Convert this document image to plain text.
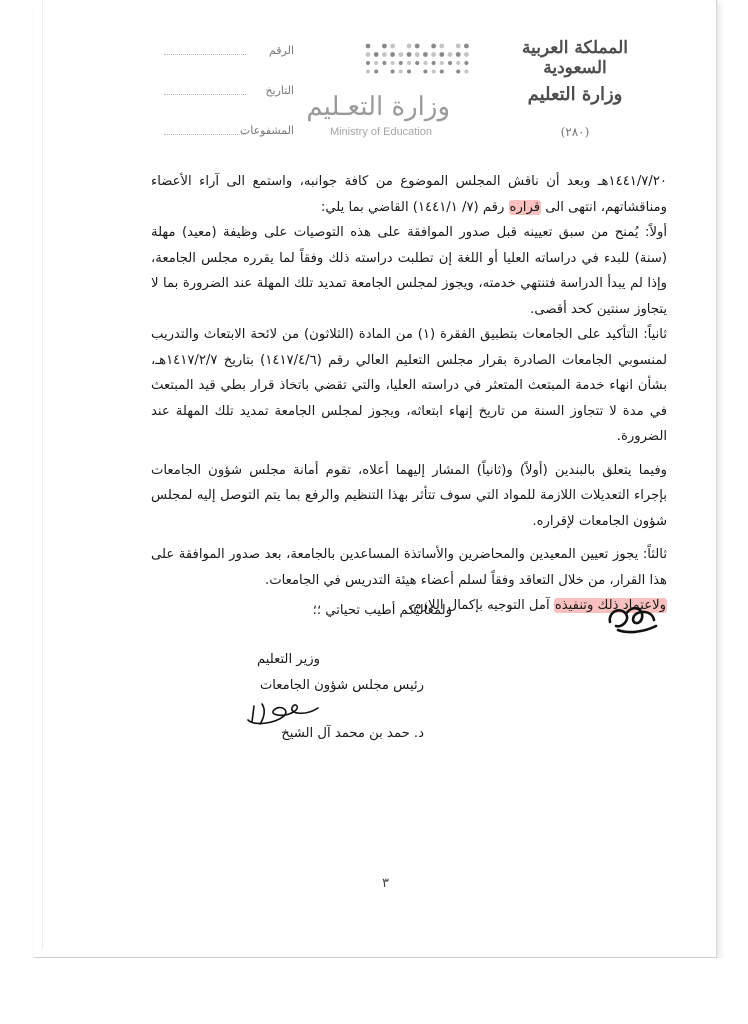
المملكة العربية السعودية
وزارة التعليم
(٢٨٠)
وزارة التعـليم
Ministry of Education
الرقم
التاريخ
المشفوعات

١٤٤١/٧/٢٠هـ وبعد أن ناقش المجلس الموضوع من كافة جوانبه، واستمع الى آراء الأعضاء ومناقشاتهم، انتهى الى قراره رقم (٧/ ١٤٤١/١) القاضي بما يلي:

أولاً: يُمنح من سبق تعيينه قبل صدور الموافقة على هذه التوصيات على وظيفة (معيد) مهلة (سنة) للبدء في دراساته العليا أو اللغة إن تطلبت دراسته ذلك وفقاً لما يقرره مجلس الجامعة، وإذا لم يبدأ الدراسة فتنتهي خدمته، ويجوز لمجلس الجامعة تمديد تلك المهلة عند الضرورة بما لا يتجاوز سنتين كحد أقصى.

ثانياً: التأكيد على الجامعات بتطبيق الفقرة (١) من المادة (الثلاثون) من لائحة الابتعاث والتدريب لمنسوبي الجامعات الصادرة بقرار مجلس التعليم العالي رقم (١٤١٧/٤/٦) بتاريخ ١٤١٧/٢/٧هـ، بشأن انهاء خدمة المبتعث المتعثر في دراسته العليا، والتي تقضي باتخاذ قرار بطي قيد المبتعث في مدة لا تتجاوز السنة من تاريخ إنهاء ابتعاثه، ويجوز لمجلس الجامعة تمديد تلك المهلة عند الضرورة.

وفيما يتعلق بالبندين (أولاً) و(ثانياً) المشار إليهما أعلاه، تقوم أمانة مجلس شؤون الجامعات بإجراء التعديلات اللازمة للمواد التي سوف تتأثر بهذا التنظيم والرفع بما يتم التوصل إليه لمجلس شؤون الجامعات لإقراره.

ثالثاً: يجوز تعيين المعيدين والمحاضرين والأساتذة المساعدين بالجامعة، بعد صدور الموافقة على هذا القرار، من خلال التعاقد وفقاً لسلم أعضاء هيئة التدريس في الجامعات.

ولاعتماد ذلك وتنفيذه آمل التوجيه بإكمال اللازم.

ولمعاليكم أطيب تحياتي ؛؛
وزير التعليم
رئيس مجلس شؤون الجامعات
د. حمد بن محمد آل الشيخ
٣
